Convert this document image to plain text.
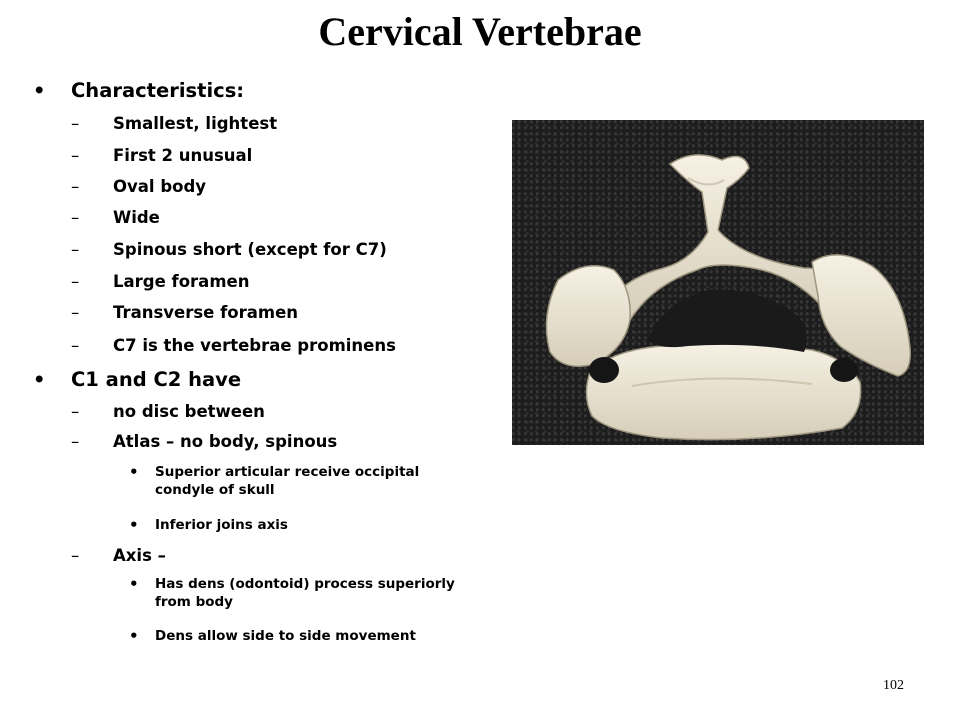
Cervical Vertebrae
• Characteristics:
– Smallest, lightest
– First 2 unusual
– Oval body
– Wide
– Spinous short (except for C7)
– Large foramen
– Transverse foramen
– C7 is the vertebrae prominens
• C1 and C2 have
– no disc between
– Atlas – no body, spinous
• Superior articular receive occipital
condyle of skull
• Inferior joins axis
– Axis –
• Has dens (odontoid) process superiorly
from body
• Dens allow side to side movement
102
